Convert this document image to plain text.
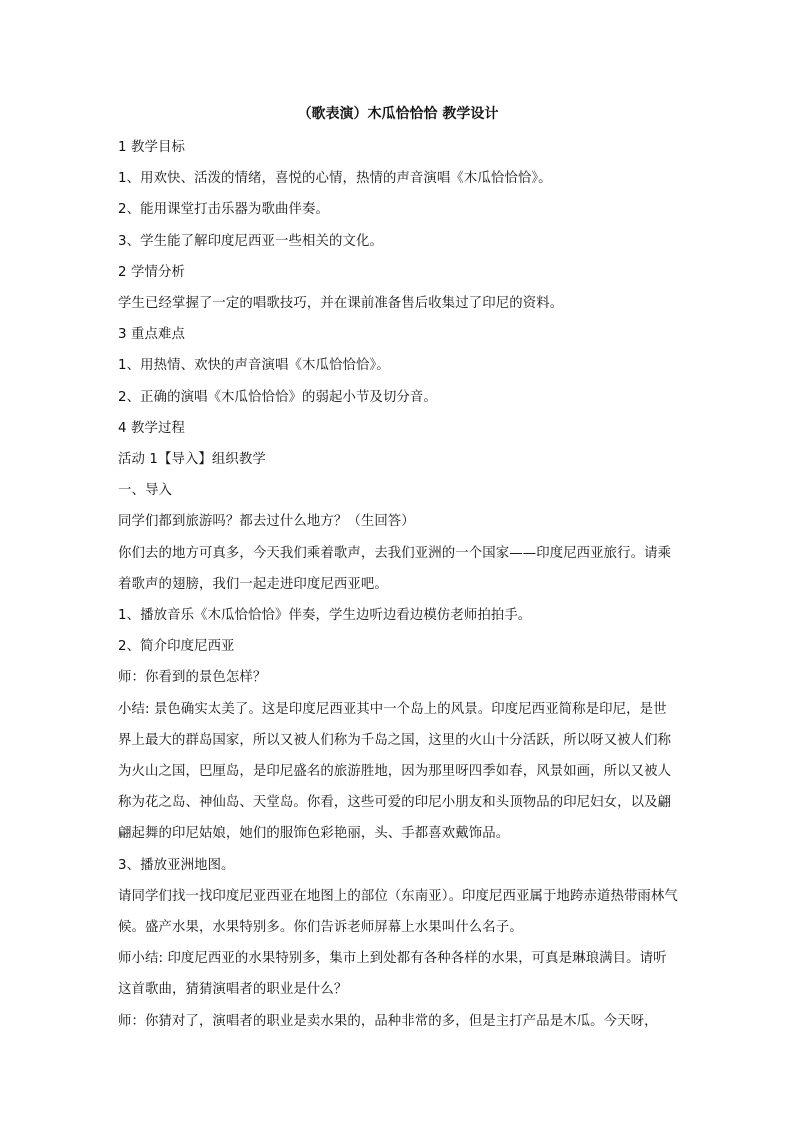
（歌表演）木瓜恰恰恰 教学设计

1 教学目标

1、用欢快、活泼的情绪，喜悦的心情，热情的声音演唱《木瓜恰恰恰》。

2、能用课堂打击乐器为歌曲伴奏。

3、学生能了解印度尼西亚一些相关的文化。

2 学情分析

学生已经掌握了一定的唱歌技巧，并在课前准备售后收集过了印尼的资料。

3 重点难点

1、用热情、欢快的声音演唱《木瓜恰恰恰》。

2、正确的演唱《木瓜恰恰恰》的弱起小节及切分音。

4 教学过程

活动 1【导入】组织教学

一、导入

同学们都到旅游吗？都去过什么地方？（生回答）

你们去的地方可真多，今天我们乘着歌声，去我们亚洲的一个国家——印度尼西亚旅行。请乘着歌声的翅膀，我们一起走进印度尼西亚吧。

1、播放音乐《木瓜恰恰恰》伴奏，学生边听边看边模仿老师拍拍手。

2、简介印度尼西亚

师：你看到的景色怎样？

小结: 景色确实太美了。这是印度尼西亚其中一个岛上的风景。印度尼西亚简称是印尼，是世界上最大的群岛国家，所以又被人们称为千岛之国，这里的火山十分活跃，所以呀又被人们称为火山之国，巴厘岛，是印尼盛名的旅游胜地，因为那里呀四季如春，风景如画，所以又被人称为花之岛、神仙岛、天堂岛。你看，这些可爱的印尼小朋友和头顶物品的印尼妇女，以及翩翩起舞的印尼姑娘，她们的服饰色彩艳丽，头、手都喜欢戴饰品。

3、播放亚洲地图。

请同学们找一找印度尼亚西亚在地图上的部位（东南亚）。印度尼西亚属于地跨赤道热带雨林气候。盛产水果，水果特别多。你们告诉老师屏幕上水果叫什么名子。

师小结: 印度尼西亚的水果特别多，集市上到处都有各种各样的水果，可真是琳琅满目。请听这首歌曲，猜猜演唱者的职业是什么？

师：你猜对了，演唱者的职业是卖水果的，品种非常的多，但是主打产品是木瓜。今天呀，
